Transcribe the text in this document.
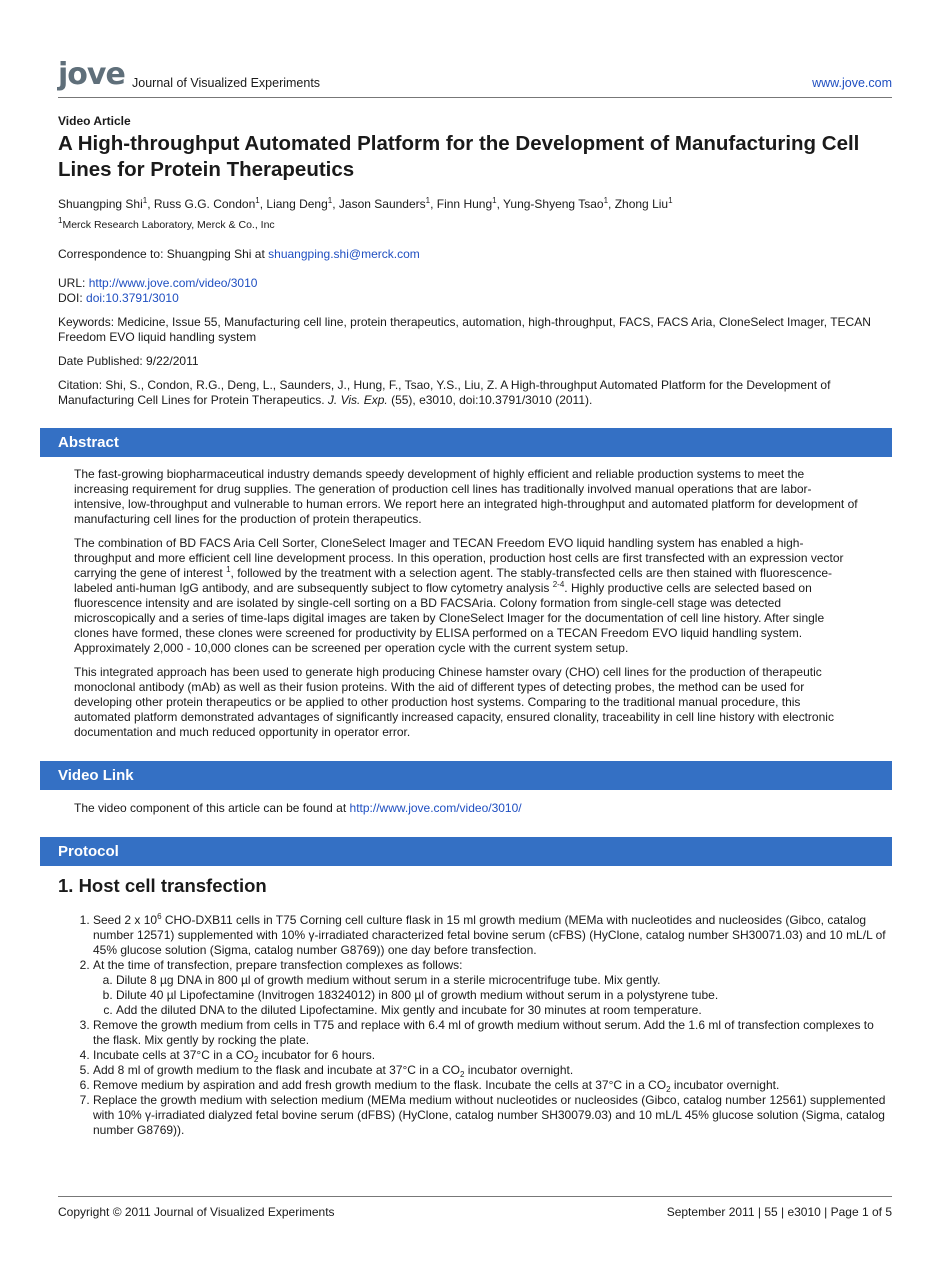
jove Journal of Visualized Experiments	www.jove.com
Video Article
A High-throughput Automated Platform for the Development of Manufacturing Cell Lines for Protein Therapeutics
Shuangping Shi$^1$, Russ G.G. Condon$^1$, Liang Deng$^1$, Jason Saunders$^1$, Finn Hung$^1$, Yung-Shyeng Tsao$^1$, Zhong Liu$^1$
$^1$Merck Research Laboratory, Merck & Co., Inc
Correspondence to: Shuangping Shi at shuangping.shi@merck.com
URL: http://www.jove.com/video/3010
DOI: doi:10.3791/3010
Keywords: Medicine, Issue 55, Manufacturing cell line, protein therapeutics, automation, high-throughput, FACS, FACS Aria, CloneSelect Imager, TECAN Freedom EVO liquid handling system
Date Published: 9/22/2011
Citation: Shi, S., Condon, R.G., Deng, L., Saunders, J., Hung, F., Tsao, Y.S., Liu, Z. A High-throughput Automated Platform for the Development of Manufacturing Cell Lines for Protein Therapeutics. J. Vis. Exp. (55), e3010, doi:10.3791/3010 (2011).
Abstract
The fast-growing biopharmaceutical industry demands speedy development of highly efficient and reliable production systems to meet the increasing requirement for drug supplies. The generation of production cell lines has traditionally involved manual operations that are labor-intensive, low-throughput and vulnerable to human errors. We report here an integrated high-throughput and automated platform for development of manufacturing cell lines for the production of protein therapeutics.
The combination of BD FACS Aria Cell Sorter, CloneSelect Imager and TECAN Freedom EVO liquid handling system has enabled a high-throughput and more efficient cell line development process. In this operation, production host cells are first transfected with an expression vector carrying the gene of interest $^1$, followed by the treatment with a selection agent. The stably-transfected cells are then stained with fluorescence-labeled anti-human IgG antibody, and are subsequently subject to flow cytometry analysis $^{2-4}$. Highly productive cells are selected based on fluorescence intensity and are isolated by single-cell sorting on a BD FACSAria. Colony formation from single-cell stage was detected microscopically and a series of time-laps digital images are taken by CloneSelect Imager for the documentation of cell line history. After single clones have formed, these clones were screened for productivity by ELISA performed on a TECAN Freedom EVO liquid handling system. Approximately 2,000 - 10,000 clones can be screened per operation cycle with the current system setup.
This integrated approach has been used to generate high producing Chinese hamster ovary (CHO) cell lines for the production of therapeutic monoclonal antibody (mAb) as well as their fusion proteins. With the aid of different types of detecting probes, the method can be used for developing other protein therapeutics or be applied to other production host systems. Comparing to the traditional manual procedure, this automated platform demonstrated advantages of significantly increased capacity, ensured clonality, traceability in cell line history with electronic documentation and much reduced opportunity in operator error.
Video Link
The video component of this article can be found at http://www.jove.com/video/3010/
Protocol
1. Host cell transfection
1. Seed 2 x $10^6$ CHO-DXB11 cells in T75 Corning cell culture flask in 15 ml growth medium (MEMa with nucleotides and nucleosides (Gibco, catalog number 12571) supplemented with 10% γ-irradiated characterized fetal bovine serum (cFBS) (HyClone, catalog number SH30071.03) and 10 mL/L of 45% glucose solution (Sigma, catalog number G8769)) one day before transfection.
2. At the time of transfection, prepare transfection complexes as follows:
a. Dilute 8 µg DNA in 800 µl of growth medium without serum in a sterile microcentrifuge tube. Mix gently.
b. Dilute 40 µl Lipofectamine (Invitrogen 18324012) in 800 µl of growth medium without serum in a polystyrene tube.
c. Add the diluted DNA to the diluted Lipofectamine. Mix gently and incubate for 30 minutes at room temperature.
3. Remove the growth medium from cells in T75 and replace with 6.4 ml of growth medium without serum. Add the 1.6 ml of transfection complexes to the flask. Mix gently by rocking the plate.
4. Incubate cells at 37°C in a $CO_2$ incubator for 6 hours.
5. Add 8 ml of growth medium to the flask and incubate at 37°C in a $CO_2$ incubator overnight.
6. Remove medium by aspiration and add fresh growth medium to the flask. Incubate the cells at 37°C in a $CO_2$ incubator overnight.
7. Replace the growth medium with selection medium (MEMa medium without nucleotides or nucleosides (Gibco, catalog number 12561) supplemented with 10% γ-irradiated dialyzed fetal bovine serum (dFBS) (HyClone, catalog number SH30079.03) and 10 mL/L 45% glucose solution (Sigma, catalog number G8769)).
Copyright © 2011 Journal of Visualized Experiments	September 2011 | 55 | e3010 | Page 1 of 5
